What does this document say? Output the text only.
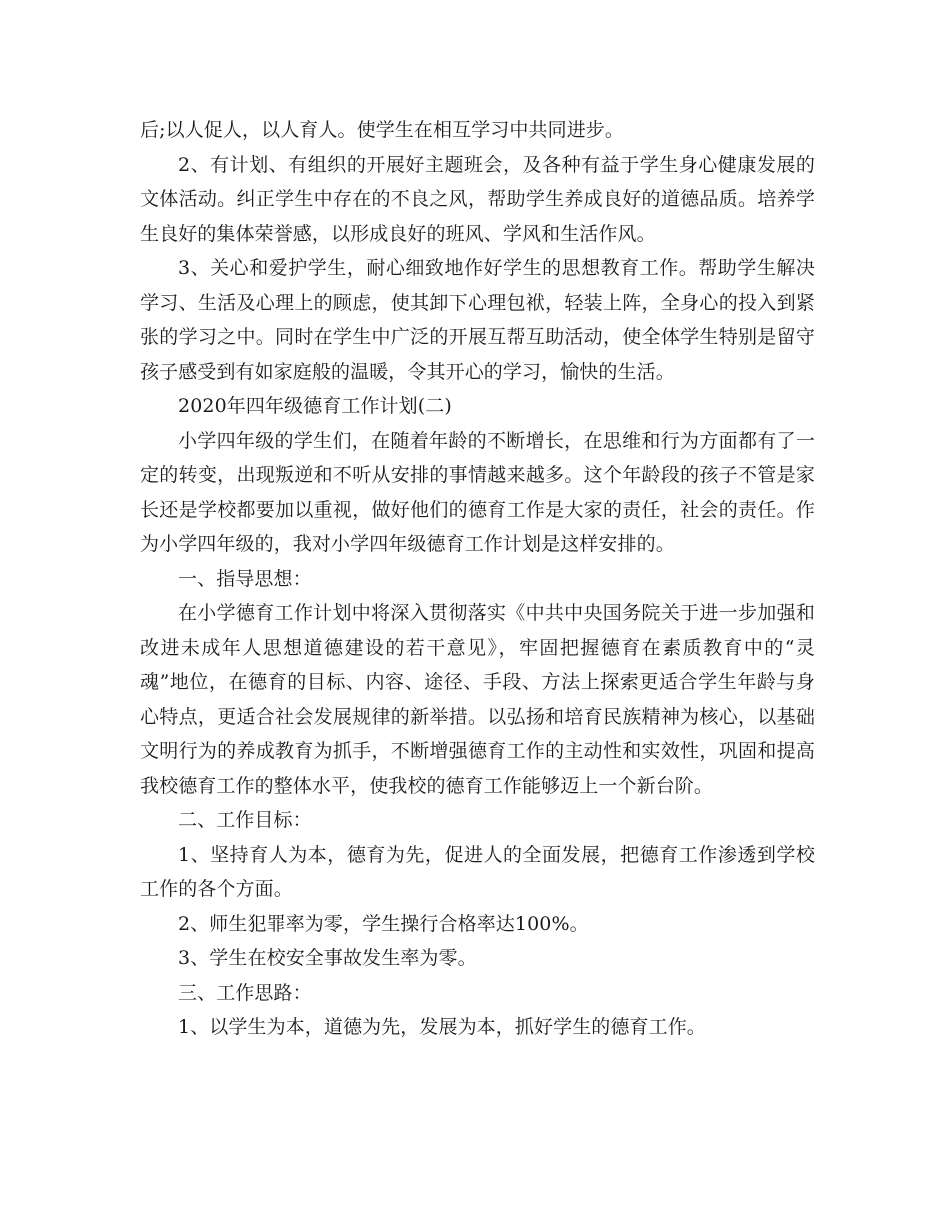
后;以人促人，以人育人。使学生在相互学习中共同进步。

2、有计划、有组织的开展好主题班会，及各种有益于学生身心健康发展的文体活动。纠正学生中存在的不良之风，帮助学生养成良好的道德品质。培养学生良好的集体荣誉感，以形成良好的班风、学风和生活作风。

3、关心和爱护学生，耐心细致地作好学生的思想教育工作。帮助学生解决学习、生活及心理上的顾虑，使其卸下心理包袱，轻装上阵，全身心的投入到紧张的学习之中。同时在学生中广泛的开展互帮互助活动，使全体学生特别是留守孩子感受到有如家庭般的温暖，令其开心的学习，愉快的生活。

2020年四年级德育工作计划(二)

小学四年级的学生们，在随着年龄的不断增长，在思维和行为方面都有了一定的转变，出现叛逆和不听从安排的事情越来越多。这个年龄段的孩子不管是家长还是学校都要加以重视，做好他们的德育工作是大家的责任，社会的责任。作为小学四年级的，我对小学四年级德育工作计划是这样安排的。

一、指导思想：

在小学德育工作计划中将深入贯彻落实《中共中央国务院关于进一步加强和改进未成年人思想道德建设的若干意见》，牢固把握德育在素质教育中的“灵魂”地位，在德育的目标、内容、途径、手段、方法上探索更适合学生年龄与身心特点，更适合社会发展规律的新举措。以弘扬和培育民族精神为核心，以基础文明行为的养成教育为抓手，不断增强德育工作的主动性和实效性，巩固和提高我校德育工作的整体水平，使我校的德育工作能够迈上一个新台阶。

二、工作目标：

1、坚持育人为本，德育为先，促进人的全面发展，把德育工作渗透到学校工作的各个方面。

2、师生犯罪率为零，学生操行合格率达100%。

3、学生在校安全事故发生率为零。

三、工作思路：

1、以学生为本，道德为先，发展为本，抓好学生的德育工作。
